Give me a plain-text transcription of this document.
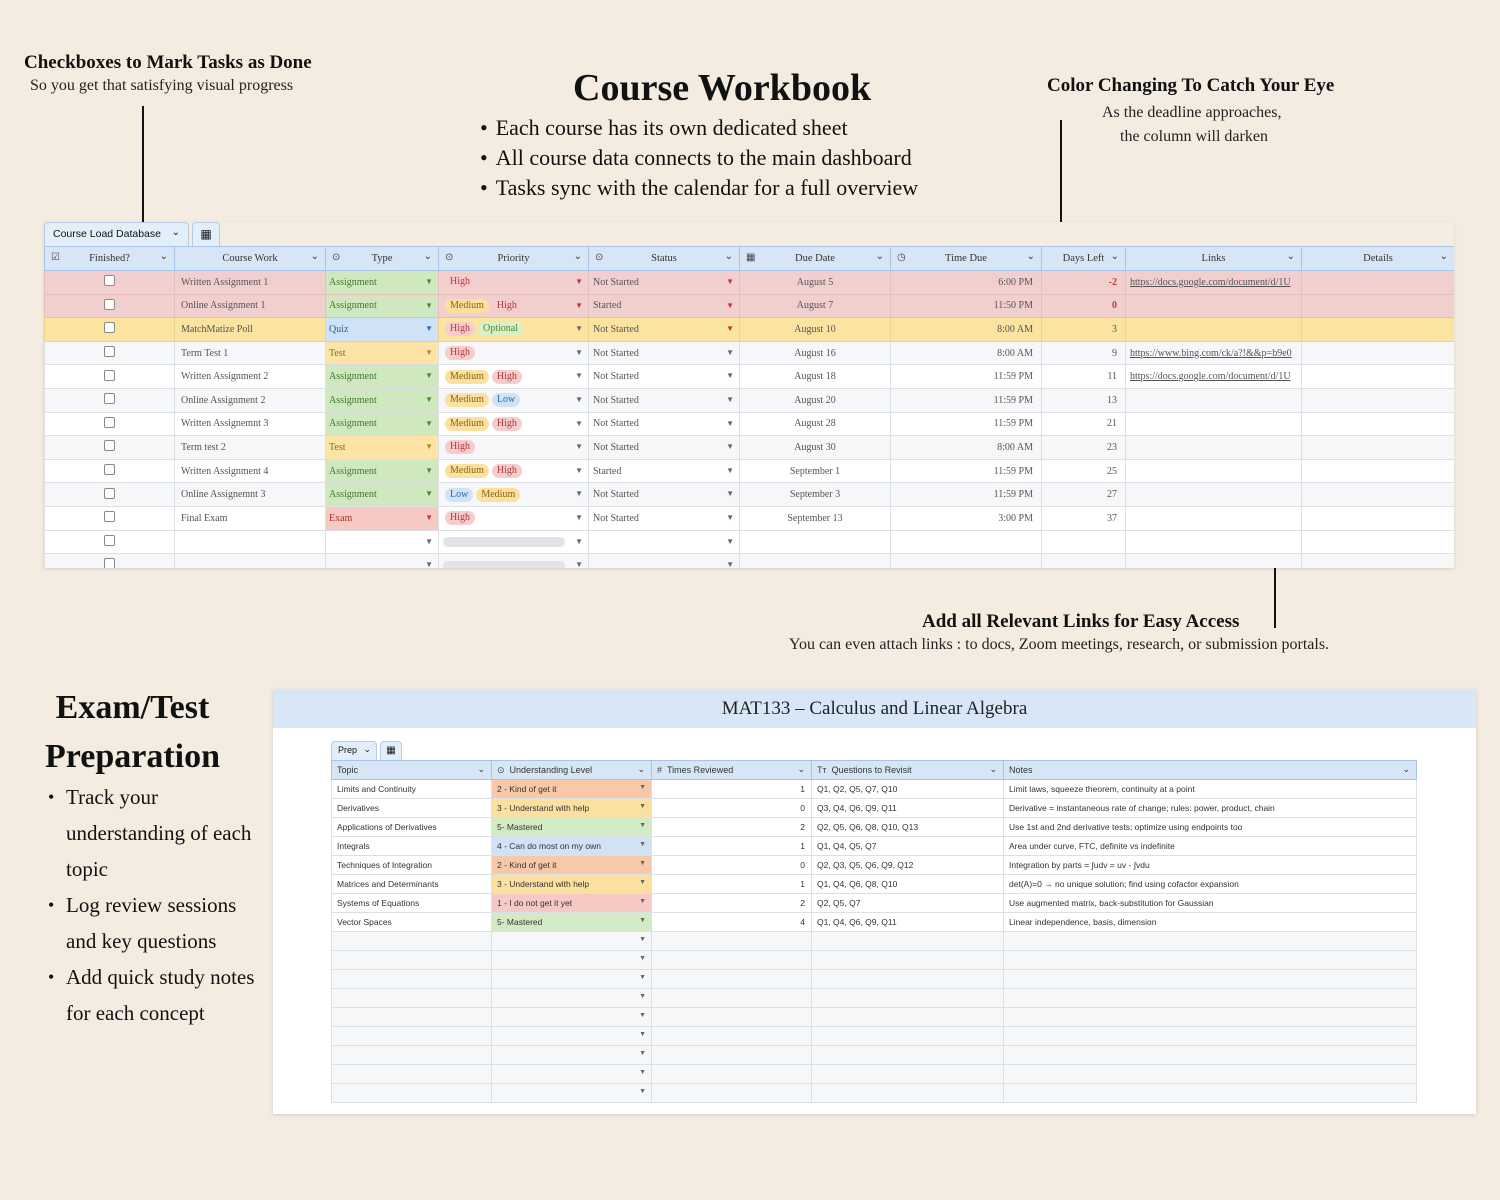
Checkboxes to Mark Tasks as Done
So you get that satisfying visual progress	Course Workbook
• Each course has its own dedicated sheet
• All course data connects to the main dashboard
• Tasks sync with the calendar for a full overview
Color Changing To Catch Your Eye
As the deadline approaches,
the column will darken
Add all Relevant Links for Easy Access
You can even attach links : to docs, Zoom meetings, research, or submission portals.
Course Load Database ⌄	▦
☑ Finished? ⌄	Course Work ⌄	⊙ Type ⌄	⊙ Priority ⌄	⊙ Status ⌄	▦ Due Date ⌄	◷ Time Due ⌄	Days Left ⌄	Links ⌄	Details ⌄

	Written Assignment 1	Assignment ▼	High ▼	Not Started ▼	August 5	6:00 PM	-2	https://docs.google.com/document/d/1U	
	Online Assignment 1	Assignment ▼	Medium High ▼	Started ▼	August 7	11:50 PM	0		
	MatchMatize Poll	Quiz ▼	High Optional ▼	Not Started ▼	August 10	8:00 AM	3		
	Term Test 1	Test ▼	High ▼	Not Started ▼	August 16	8:00 AM	9	https://www.bing.com/ck/a?!&&p=b9e0	
	Written Assignment 2	Assignment ▼	Medium High ▼	Not Started ▼	August 18	11:59 PM	11	https://docs.google.com/document/d/1U	
	Online Assignment 2	Assignment ▼	Medium Low ▼	Not Started ▼	August 20	11:59 PM	13		
	Written Assignemnt 3	Assignment ▼	Medium High ▼	Not Started ▼	August 28	11:59 PM	21		
	Term test 2	Test ▼	High ▼	Not Started ▼	August 30	8:00 AM	23		
	Written Assignment 4	Assignment ▼	Medium High ▼	Started ▼	September 1	11:59 PM	25		
	Online Assignemnt 3	Assignment ▼	Low Medium ▼	Not Started ▼	September 3	11:59 PM	27		
	Final Exam	Exam ▼	High ▼	Not Started ▼	September 13	3:00 PM	37		

		▼	▼	▼					

		▼	▼	▼					

Exam/Test
Preparation
• Track your understanding of each topic
• Log review sessions and key questions
• Add quick study notes for each concept
MAT133 – Calculus and Linear Algebra
Prep ⌄	▦
Topic ⌄	⊙ Understanding Level ⌄	# Times Reviewed ⌄	Tт Questions to Revisit ⌄	Notes ⌄

Limits and Continuity	2 - Kind of get it ▼	1	Q1, Q2, Q5, Q7, Q10	Limit laws, squeeze theorem, continuity at a point
Derivatives	3 - Understand with help ▼	0	Q3, Q4, Q6, Q9, Q11	Derivative = instantaneous rate of change; rules: power, product, chain
Applications of Derivatives	5- Mastered ▼	2	Q2, Q5, Q6, Q8, Q10, Q13	Use 1st and 2nd derivative tests; optimize using endpoints too
Integrals	4 - Can do most on my own ▼	1	Q1, Q4, Q5, Q7	Area under curve, FTC, definite vs indefinite
Techniques of Integration	2 - Kind of get it ▼	0	Q2, Q3, Q5, Q6, Q9, Q12	Integration by parts = ∫udv = uv - ∫vdu
Matrices and Determinants	3 - Understand with help ▼	1	Q1, Q4, Q6, Q8, Q10	det(A)=0 → no unique solution; find using cofactor expansion
Systems of Equations	1 - I do not get it yet ▼	2	Q2, Q5, Q7	Use augmented matrix, back-substitution for Gaussian
Vector Spaces	5- Mastered ▼	4	Q1, Q4, Q6, Q9, Q11	Linear independence, basis, dimension

	▼			

	▼			

	▼			

	▼			

	▼			

	▼			

	▼			

	▼			

	▼			
